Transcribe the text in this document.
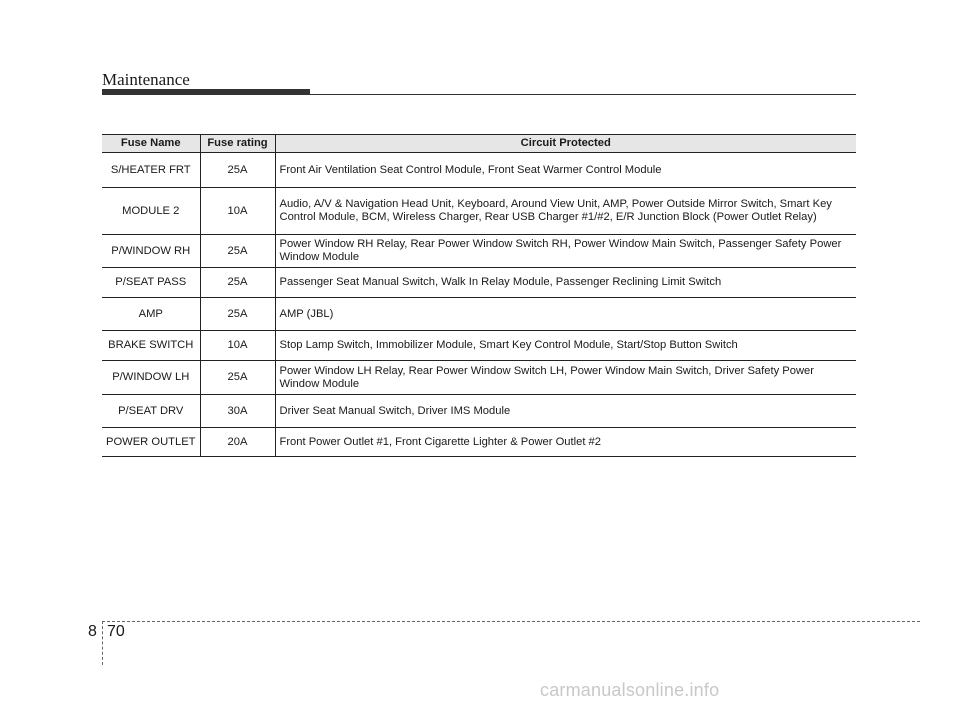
Maintenance
Fuse Name	Fuse rating	Circuit Protected
S/HEATER FRT	25A	Front Air Ventilation Seat Control Module, Front Seat Warmer Control Module
MODULE 2	10A	Audio, A/V & Navigation Head Unit, Keyboard, Around View Unit, AMP, Power Outside Mirror Switch, Smart Key Control Module, BCM, Wireless Charger, Rear USB Charger #1/#2, E/R Junction Block (Power Outlet Relay)
P/WINDOW RH	25A	Power Window RH Relay, Rear Power Window Switch RH, Power Window Main Switch, Passenger Safety Power Window Module
P/SEAT PASS	25A	Passenger Seat Manual Switch, Walk In Relay Module, Passenger Reclining Limit Switch
AMP	25A	AMP (JBL)
BRAKE SWITCH	10A	Stop Lamp Switch, Immobilizer Module, Smart Key Control Module, Start/Stop Button Switch
P/WINDOW LH	25A	Power Window LH Relay, Rear Power Window Switch LH, Power Window Main Switch, Driver Safety Power Window Module
P/SEAT DRV	30A	Driver Seat Manual Switch, Driver IMS Module
POWER OUTLET	20A	Front Power Outlet #1, Front Cigarette Lighter & Power Outlet #2
8 70
carmanualsonline.info
